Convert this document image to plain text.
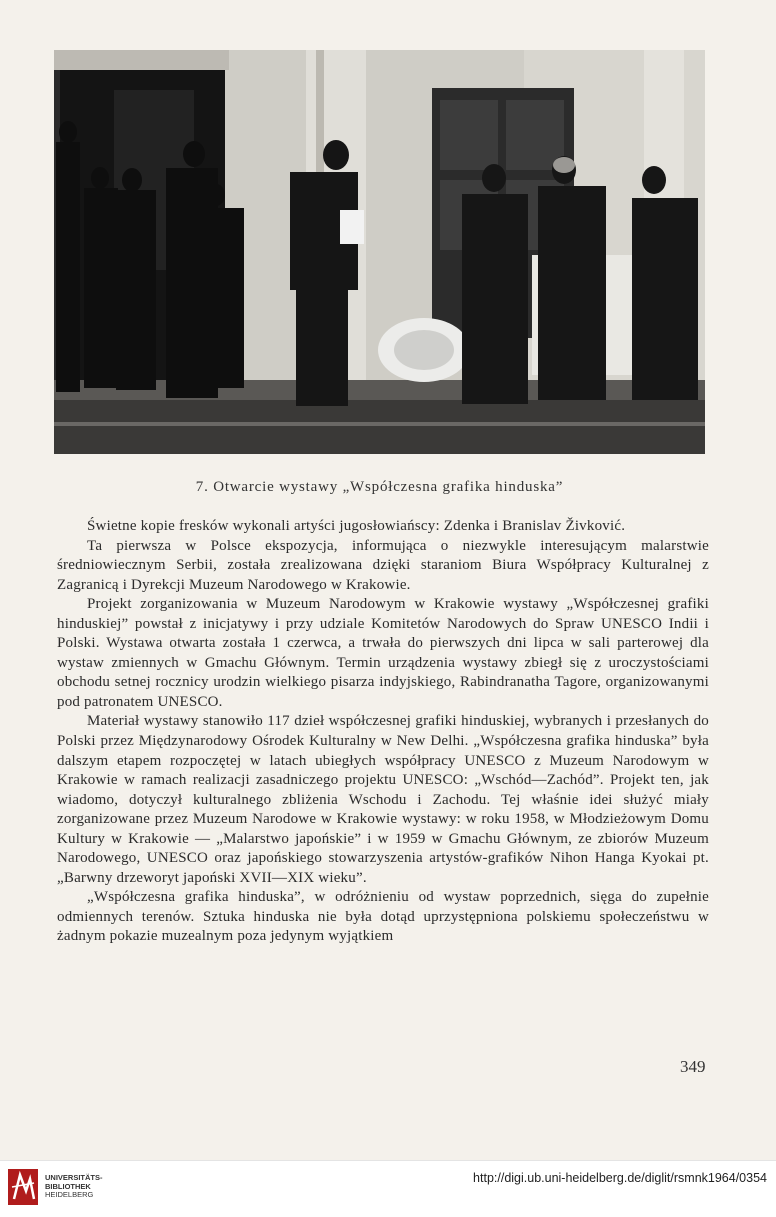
7. Otwarcie wystawy „Współczesna grafika hinduska”

Świetne kopie fresków wykonali artyści jugosłowiańscy: Zdenka i Branislav Živković.

Ta pierwsza w Polsce ekspozycja, informująca o niezwykle interesującym malarstwie średniowiecznym Serbii, została zrealizowana dzięki staraniom Biura Współpracy Kulturalnej z Zagranicą i Dyrekcji Muzeum Narodowego w Krakowie.

Projekt zorganizowania w Muzeum Narodowym w Krakowie wystawy „Współczesnej grafiki hinduskiej” powstał z inicjatywy i przy udziale Komitetów Narodowych do Spraw UNESCO Indii i Polski. Wystawa otwarta została 1 czerwca, a trwała do pierwszych dni lipca w sali parterowej dla wystaw zmiennych w Gmachu Głównym. Termin urządzenia wystawy zbiegł się z uroczystościami obchodu setnej rocznicy urodzin wielkiego pisarza indyjskiego, Rabindranatha Tagore, organizowanymi pod patronatem UNESCO.

Materiał wystawy stanowiło 117 dzieł współczesnej grafiki hinduskiej, wybranych i przesłanych do Polski przez Międzynarodowy Ośrodek Kulturalny w New Delhi. „Współczesna grafika hinduska” była dalszym etapem rozpoczętej w latach ubiegłych współpracy UNESCO z Muzeum Narodowym w Krakowie w ramach realizacji zasadniczego projektu UNESCO: „Wschód—Zachód”. Projekt ten, jak wiadomo, dotyczył kulturalnego zbliżenia Wschodu i Zachodu. Tej właśnie idei służyć miały zorganizowane przez Muzeum Narodowe w Krakowie wystawy: w roku 1958, w Młodzieżowym Domu Kultury w Krakowie — „Malarstwo japońskie” i w 1959 w Gmachu Głównym, ze zbiorów Muzeum Narodowego, UNESCO oraz japońskiego stowarzyszenia artystów-grafików Nihon Hanga Kyokai pt. „Barwny drzeworyt japoński XVII—XIX wieku”.

„Współczesna grafika hinduska”, w odróżnieniu od wystaw poprzednich, sięga do zupełnie odmiennych terenów. Sztuka hinduska nie była dotąd uprzystępniona polskiemu społeczeństwu w żadnym pokazie muzealnym poza jedynym wyjątkiem

349
UNIVERSITÄTS-
BIBLIOTHEK
HEIDELBERG
http://digi.ub.uni-heidelberg.de/diglit/rsmnk1964/0354
